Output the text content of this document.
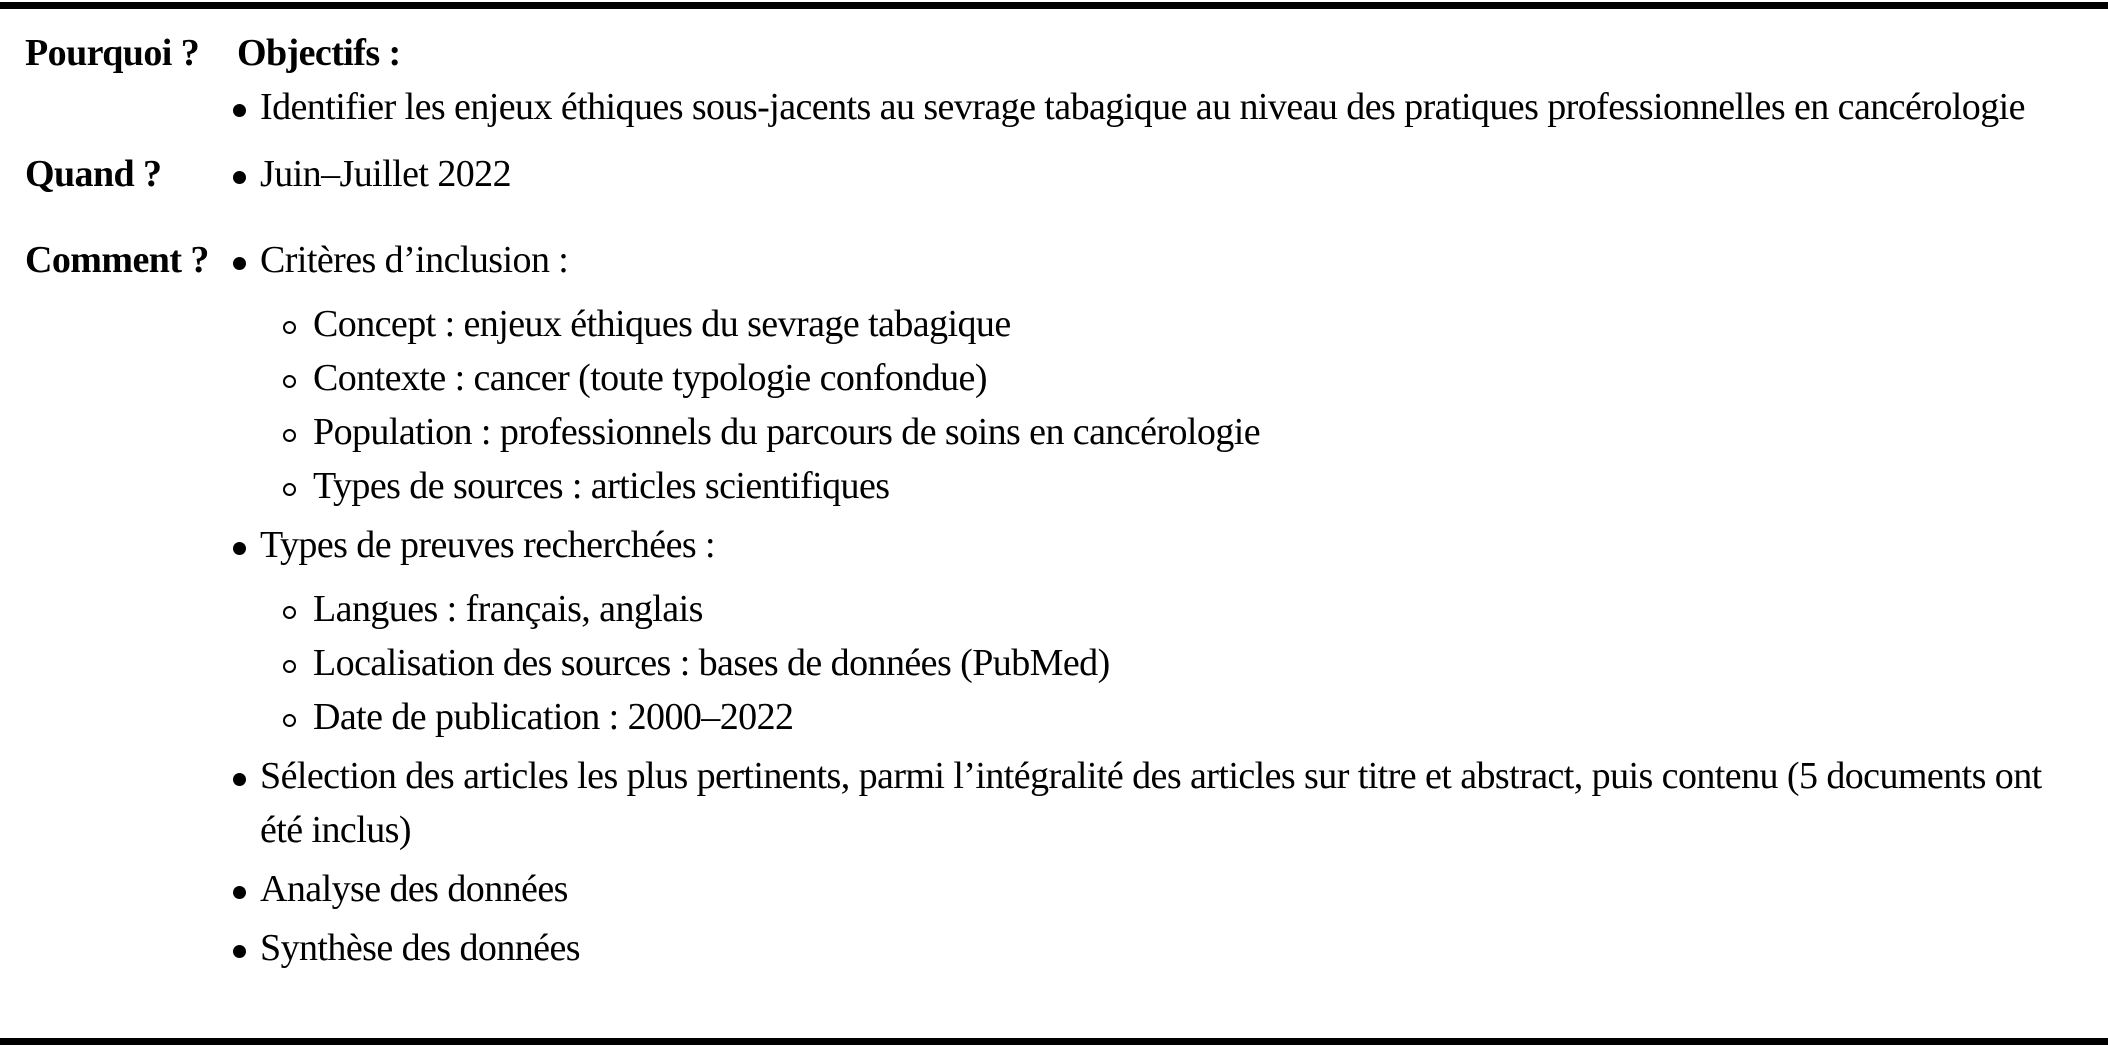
Pourquoi ? Objectifs :
Identifier les enjeux éthiques sous-jacents au sevrage tabagique au niveau des pratiques professionnelles en cancérologie
Quand ?	Juin–Juillet 2022
Comment ?	Critères d’inclusion :
Concept : enjeux éthiques du sevrage tabagique
Contexte : cancer (toute typologie confondue)
Population : professionnels du parcours de soins en cancérologie
Types de sources : articles scientifiques
Types de preuves recherchées :
Langues : français, anglais
Localisation des sources : bases de données (PubMed)
Date de publication : 2000–2022
Sélection des articles les plus pertinents, parmi l’intégralité des articles sur titre et abstract, puis contenu (5 documents ont été inclus)
Analyse des données
Synthèse des données
